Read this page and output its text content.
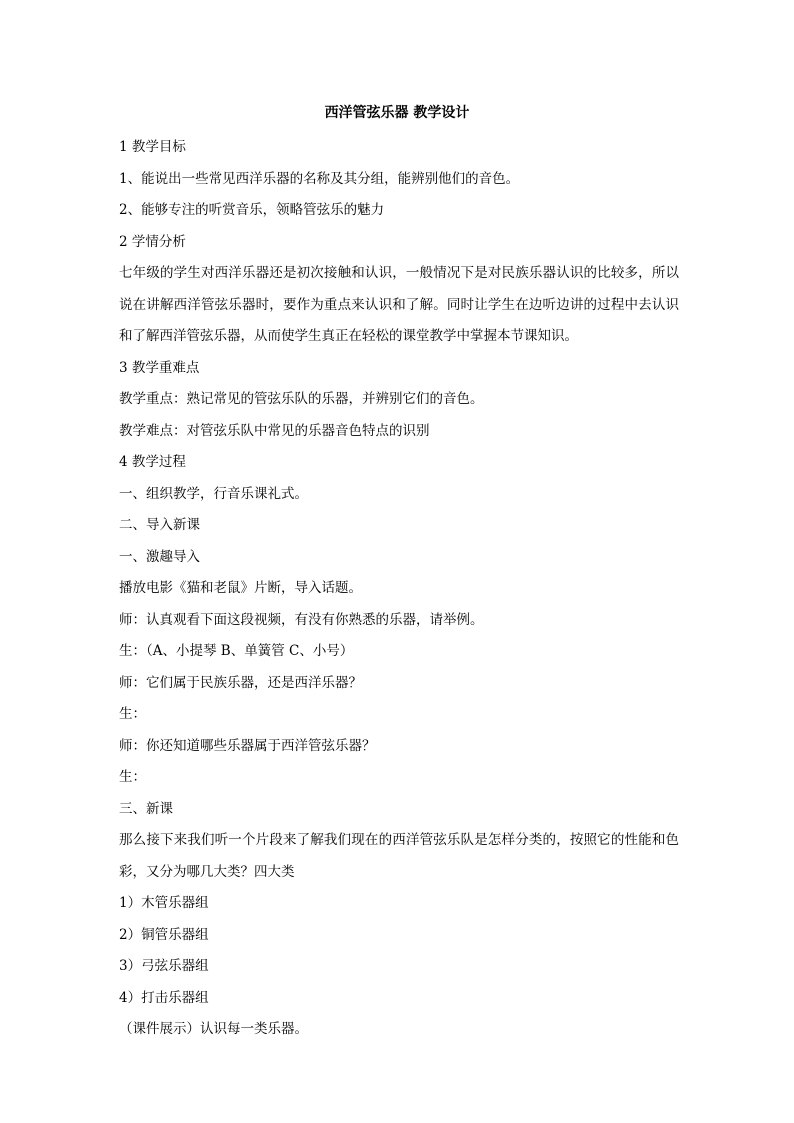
西洋管弦乐器 教学设计
1 教学目标
1、能说出一些常见西洋乐器的名称及其分组，能辨别他们的音色。
2、能够专注的听赏音乐，领略管弦乐的魅力
2 学情分析
七年级的学生对西洋乐器还是初次接触和认识，一般情况下是对民族乐器认识的比较多，所以说在讲解西洋管弦乐器时，要作为重点来认识和了解。同时让学生在边听边讲的过程中去认识和了解西洋管弦乐器，从而使学生真正在轻松的课堂教学中掌握本节课知识。
3 教学重难点
教学重点：熟记常见的管弦乐队的乐器，并辨别它们的音色。
教学难点：对管弦乐队中常见的乐器音色特点的识别
4 教学过程
一、组织教学，行音乐课礼式。
二、导入新课
一、激趣导入
播放电影《猫和老鼠》片断，导入话题。
师：认真观看下面这段视频，有没有你熟悉的乐器，请举例。
生：（A、小提琴 B、单簧管 C、小号）
师：它们属于民族乐器，还是西洋乐器？
生：
师：你还知道哪些乐器属于西洋管弦乐器？
生：
三、新课
那么接下来我们听一个片段来了解我们现在的西洋管弦乐队是怎样分类的，按照它的性能和色彩，又分为哪几大类？四大类
1）木管乐器组
2）铜管乐器组
3）弓弦乐器组
4）打击乐器组
（课件展示）认识每一类乐器。
